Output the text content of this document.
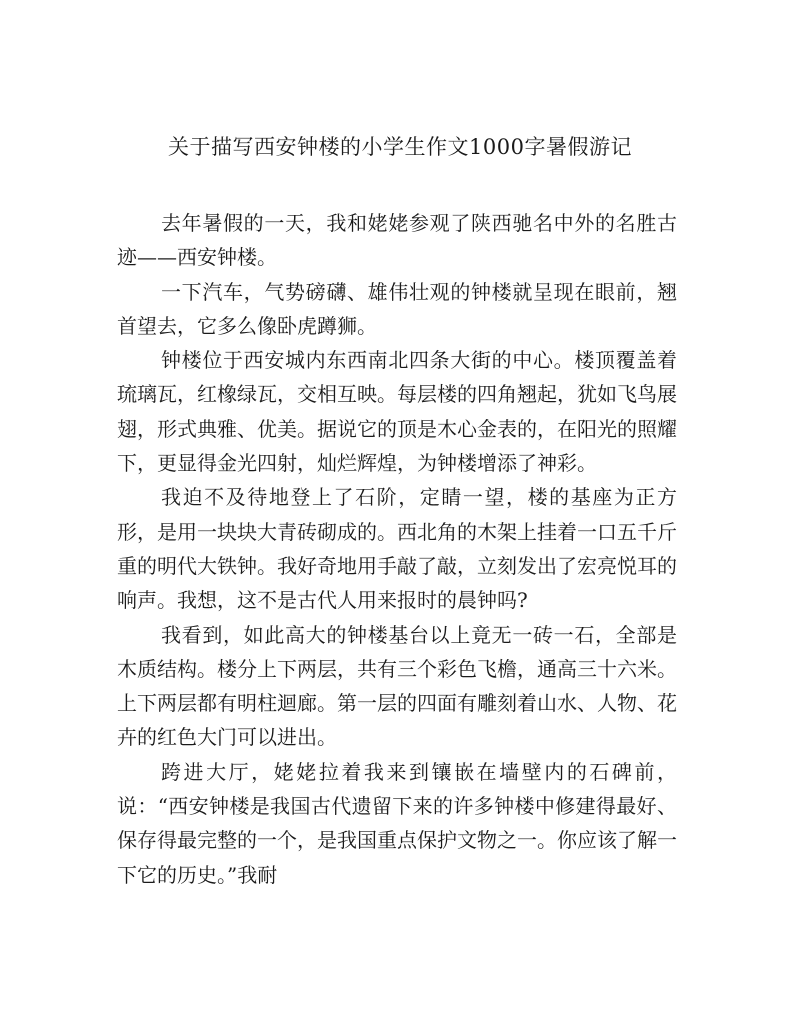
关于描写西安钟楼的小学生作文1000字暑假游记

去年暑假的一天，我和姥姥参观了陕西驰名中外的名胜古迹——西安钟楼。

一下汽车，气势磅礴、雄伟壮观的钟楼就呈现在眼前，翘首望去，它多么像卧虎蹲狮。

钟楼位于西安城内东西南北四条大街的中心。楼顶覆盖着琉璃瓦，红橡绿瓦，交相互映。每层楼的四角翘起，犹如飞鸟展翅，形式典雅、优美。据说它的顶是木心金表的，在阳光的照耀下，更显得金光四射，灿烂辉煌，为钟楼增添了神彩。

我迫不及待地登上了石阶，定睛一望，楼的基座为正方形，是用一块块大青砖砌成的。西北角的木架上挂着一口五千斤重的明代大铁钟。我好奇地用手敲了敲，立刻发出了宏亮悦耳的响声。我想，这不是古代人用来报时的晨钟吗?

我看到，如此高大的钟楼基台以上竟无一砖一石，全部是木质结构。楼分上下两层，共有三个彩色飞檐，通高三十六米。上下两层都有明柱迴廊。第一层的四面有雕刻着山水、人物、花卉的红色大门可以进出。

跨进大厅，姥姥拉着我来到镶嵌在墙壁内的石碑前，说：“西安钟楼是我国古代遗留下来的许多钟楼中修建得最好、保存得最完整的一个，是我国重点保护文物之一。你应该了解一下它的历史。”我耐
